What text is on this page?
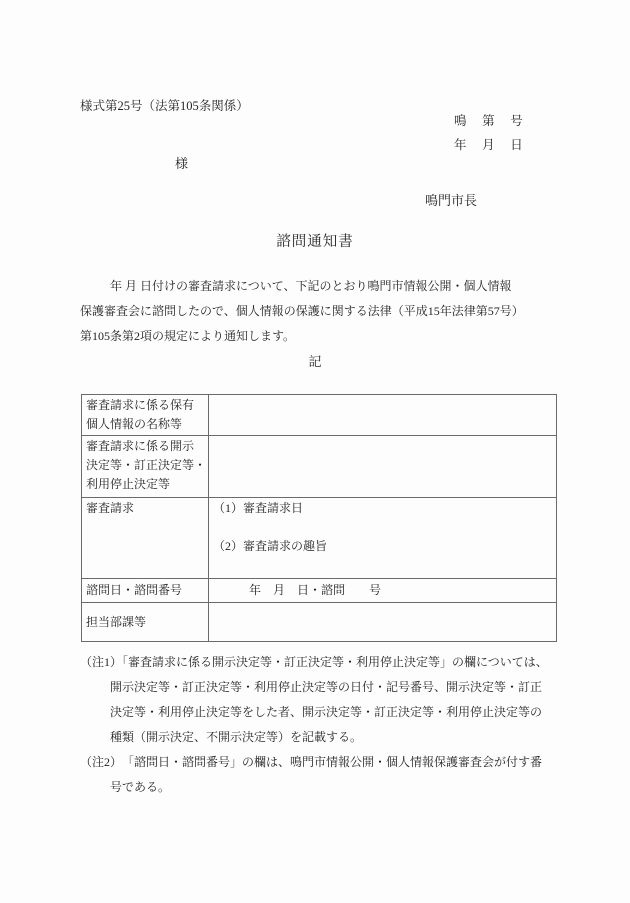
様式第25号（法第105条関係）
鳴　 第　 号
年　 月　 日
様
鳴門市長
諮問通知書
年 月 日付けの審査請求について、下記のとおり鳴門市情報公開・個人情報
保護審査会に諮問したので、個人情報の保護に関する法律（平成15年法律第57号）
第105条第2項の規定により通知します。
記
審査請求に係る保有
個人情報の名称等	

審査請求に係る開示
決定等・訂正決定等・
利用停止決定等	

審査請求	（1）審査請求日

（2）審査請求の趣旨

諮問日・諮問番号	　　　年　月　日・諮問　　号

担当部課等	

（注1）「審査請求に係る開示決定等・訂正決定等・利用停止決定等」の欄については、
開示決定等・訂正決定等・利用停止決定等の日付・記号番号、開示決定等・訂正
決定等・利用停止決定等をした者、開示決定等・訂正決定等・利用停止決定等の
種類（開示決定、不開示決定等）を記載する。
（注2）　「諮問日・諮問番号」の欄は、鳴門市情報公開・個人情報保護審査会が付す番
号である。
